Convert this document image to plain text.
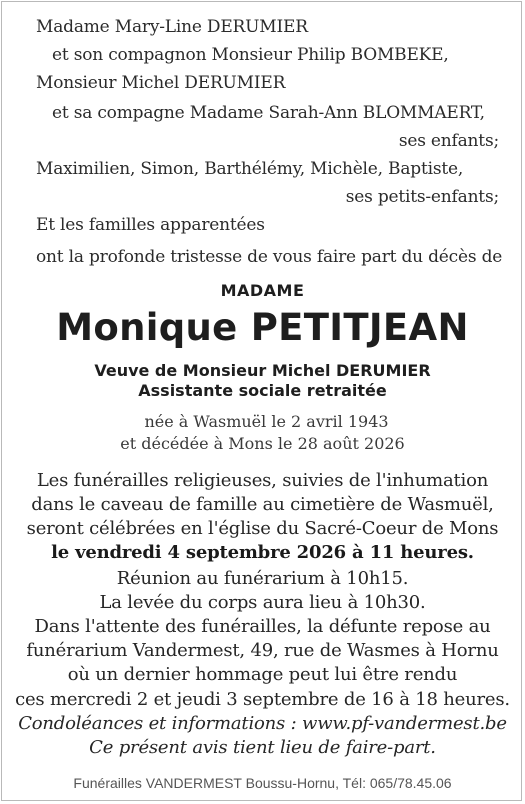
Madame Mary-Line DERUMIER
et son compagnon Monsieur Philip BOMBEKE,
Monsieur Michel DERUMIER
et sa compagne Madame Sarah-Ann BLOMMAERT,
ses enfants;
Maximilien, Simon, Barthélémy, Michèle, Baptiste,
ses petits-enfants;
Et les familles apparentées
ont la profonde tristesse de vous faire part du décès de
MADAME
Monique PETITJEAN
Veuve de Monsieur Michel DERUMIER
Assistante sociale retraitée
née à Wasmuël le 2 avril 1943
et décédée à Mons le 28 août 2026
Les funérailles religieuses, suivies de l'inhumation
dans le caveau de famille au cimetière de Wasmuël,
seront célébrées en l'église du Sacré-Coeur de Mons
le vendredi 4 septembre 2026 à 11 heures.
Réunion au funérarium à 10h15.
La levée du corps aura lieu à 10h30.
Dans l'attente des funérailles, la défunte repose au
funérarium Vandermest, 49, rue de Wasmes à Hornu
où un dernier hommage peut lui être rendu
ces mercredi 2 et jeudi 3 septembre de 16 à 18 heures.
Condoléances et informations : www.pf-vandermest.be
Ce présent avis tient lieu de faire-part.
Funérailles VANDERMEST Boussu-Hornu, Tél: 065/78.45.06
